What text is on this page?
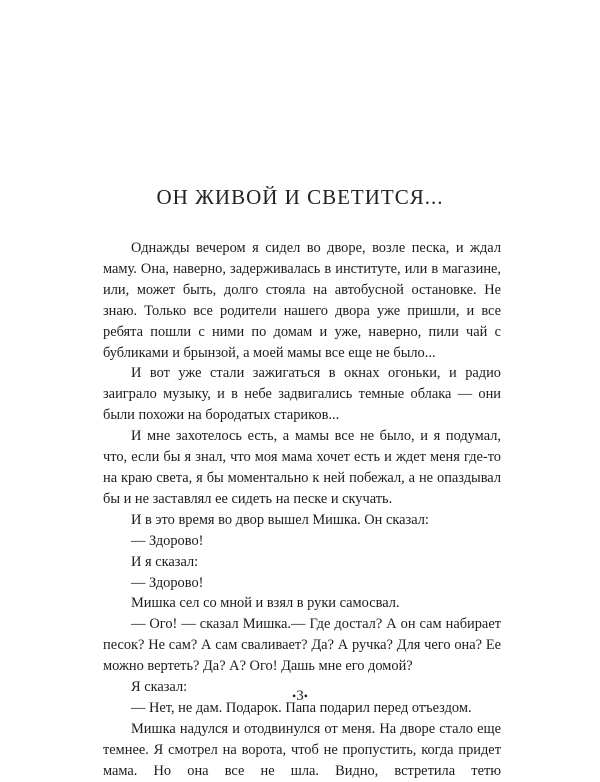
ОН ЖИВОЙ И СВЕТИТСЯ...

Однажды вечером я сидел во дворе, возле песка, и ждал маму. Она, наверно, задерживалась в институте, или в магазине, или, может быть, долго стояла на автобусной остановке. Не знаю. Только все родители нашего двора уже пришли, и все ребята пошли с ними по домам и уже, наверно, пили чай с бубликами и брынзой, а моей мамы все еще не было...

И вот уже стали зажигаться в окнах огоньки, и радио заиграло музыку, и в небе задвигались темные облака — они были похожи на бородатых стариков...

И мне захотелось есть, а мамы все не было, и я подумал, что, если бы я знал, что моя мама хочет есть и ждет меня где-то на краю света, я бы моментально к ней побежал, а не опаздывал бы и не заставлял ее сидеть на песке и скучать.

И в это время во двор вышел Мишка. Он сказал:

— Здорово!

И я сказал:

— Здорово!

Мишка сел со мной и взял в руки самосвал.

— Ого! — сказал Мишка.— Где достал? А он сам набирает песок? Не сам? А сам сваливает? Да? А ручка? Для чего она? Ее можно вертеть? Да? А? Ого! Дашь мне его домой?

Я сказал:

— Нет, не дам. Подарок. Папа подарил перед отъездом.

Мишка надулся и отодвинулся от меня. На дворе стало еще темнее. Я смотрел на ворота, чтоб не пропустить, когда придет мама. Но она все не шла. Видно, встретила тетю

•3•
